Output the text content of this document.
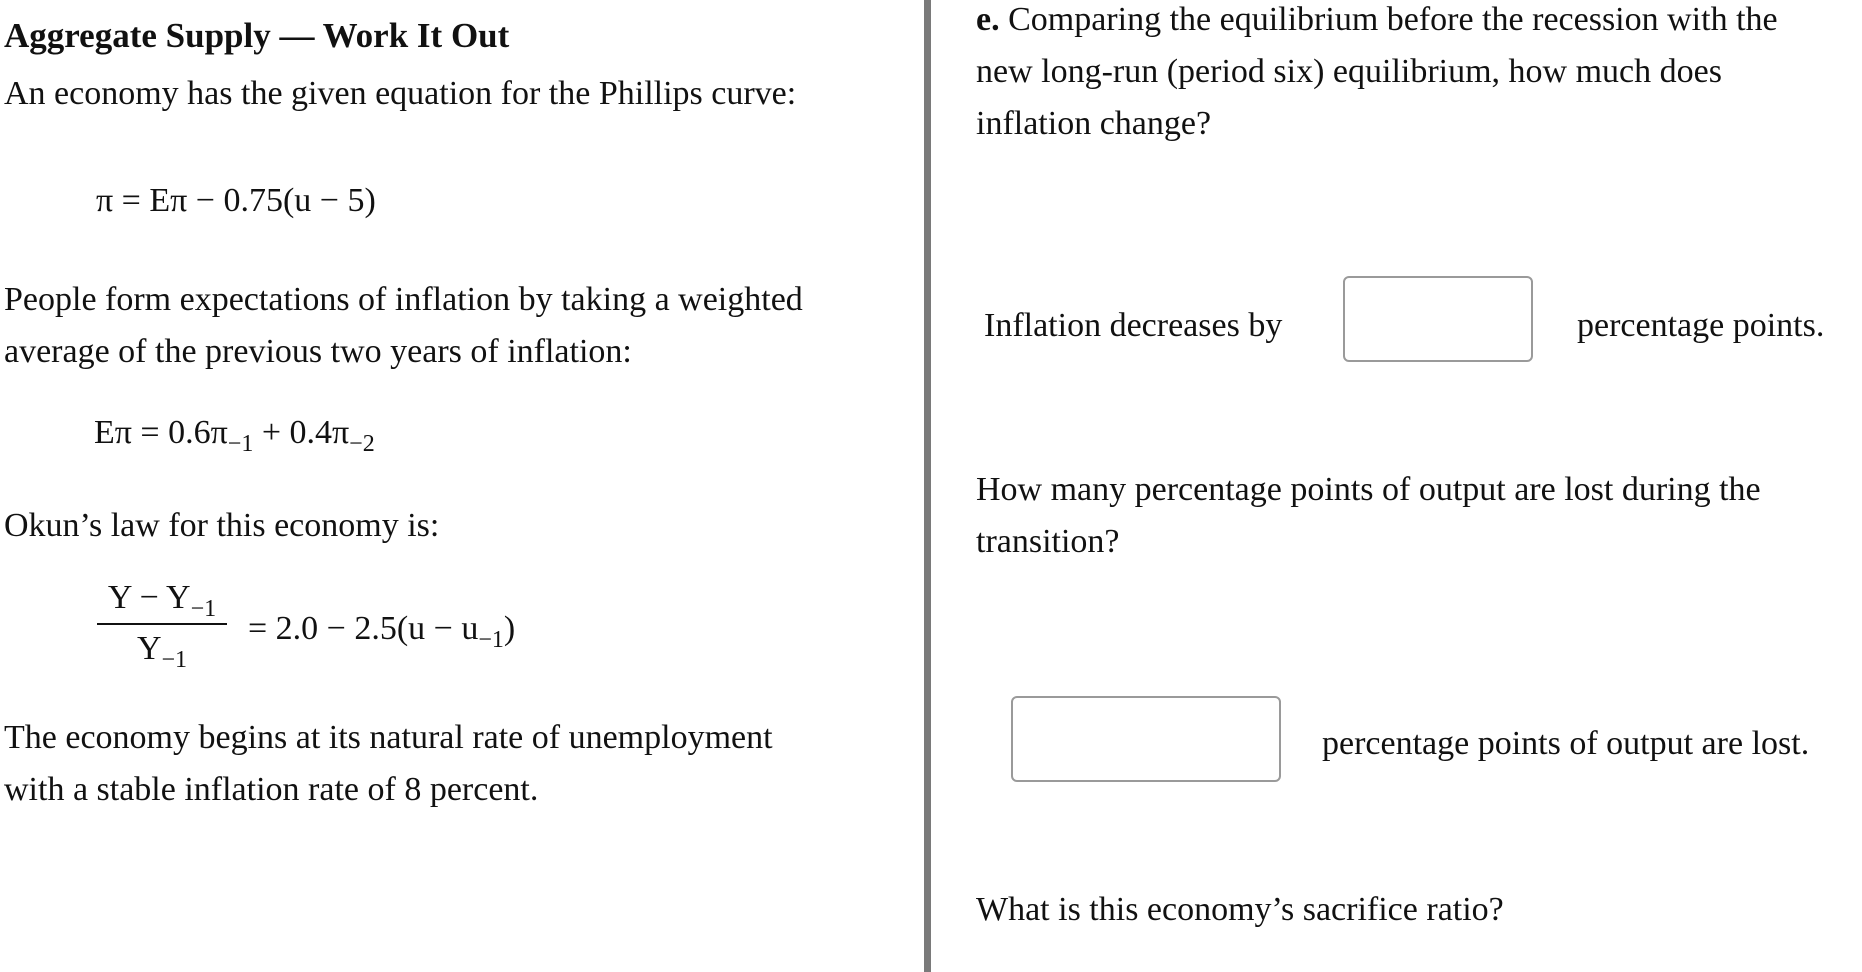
Aggregate Supply — Work It Out
An economy has the given equation for the Phillips curve:
π = Eπ − 0.75(u − 5)
People form expectations of inflation by taking a weighted
average of the previous two years of inflation:
$E\pi = 0.6\pi_{-1} + 0.4\pi_{-2}$
Okun’s law for this economy is:
$Y - Y_{-1}$
$Y_{-1}$
= $2.0 - 2.5(u - u_{-1})$
The economy begins at its natural rate of unemployment
with a stable inflation rate of 8 percent.
e. Comparing the equilibrium before the recession with the
new long-run (period six) equilibrium, how much does
inflation change?
Inflation decreases by	percentage points.
How many percentage points of output are lost during the
transition?
percentage points of output are lost.
What is this economy’s sacrifice ratio?
